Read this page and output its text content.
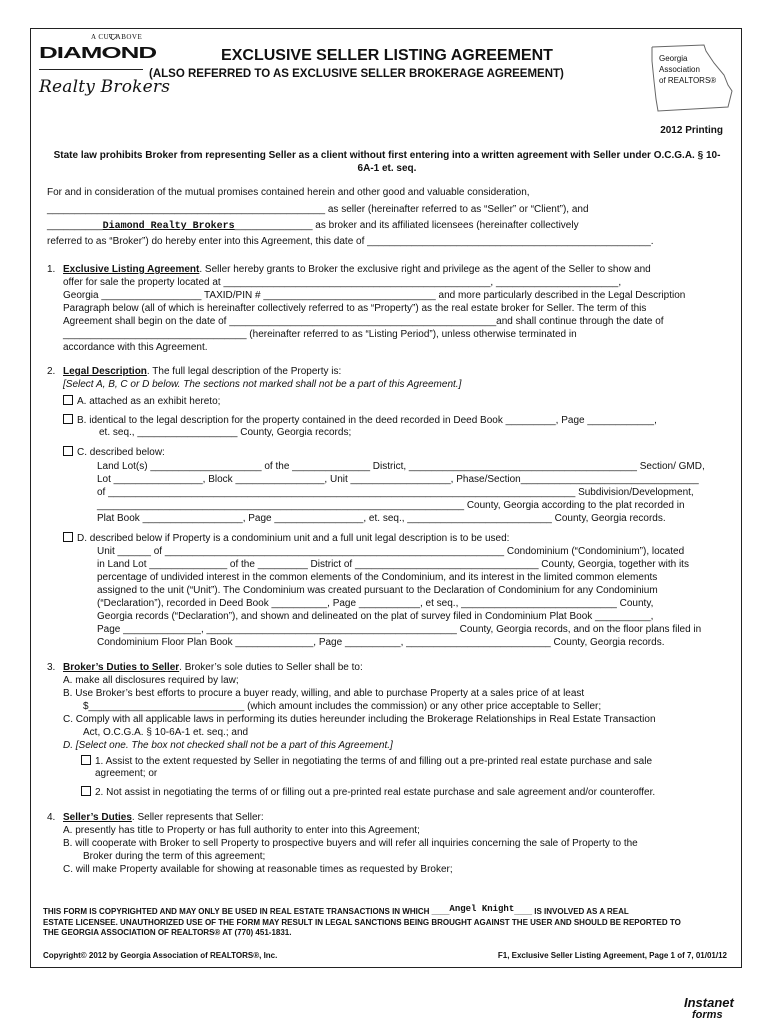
A CUT ABOVE
DIAMOND
Realty Brokers
EXCLUSIVE SELLER LISTING AGREEMENT
(ALSO REFERRED TO AS EXCLUSIVE SELLER BROKERAGE AGREEMENT)
Georgia
Association
of REALTORS®
2012 Printing
State law prohibits Broker from representing Seller as a client without first entering into a written agreement with Seller under O.C.G.A. § 10-6A-1 et. seq.
For and in consideration of the mutual promises contained herein and other good and valuable consideration,
__________________________________________________ as seller (hereinafter referred to as “Seller” or “Client”), and
__________Diamond Realty Brokers______________ as broker and its affiliated licensees (hereinafter collectively
referred to as “Broker”) do hereby enter into this Agreement, this date of ___________________________________________________.
1. Exclusive Listing Agreement. Seller hereby grants to Broker the exclusive right and privilege as the agent of the Seller to show and
offer for sale the property located at ________________________________________________, ______________________,
Georgia __________________ TAXID/PIN # _______________________________ and more particularly described in the Legal Description
Paragraph below (all of which is hereinafter collectively referred to as “Property”) as the real estate broker for Seller. The term of this
Agreement shall begin on the date of ________________________________________________and shall continue through the date of
_________________________________ (hereinafter referred to as “Listing Period”), unless otherwise terminated in
accordance with this Agreement.
2. Legal Description. The full legal description of the Property is:
[Select A, B, C or D below. The sections not marked shall not be a part of this Agreement.]
A. attached as an exhibit hereto;
B. identical to the legal description for the property contained in the deed recorded in Deed Book _________, Page ____________,
et. seq., __________________ County, Georgia records;
C. described below:
Land Lot(s) ____________________ of the ______________ District, _________________________________________ Section/ GMD,
Lot ________________, Block ________________, Unit __________________, Phase/Section________________________________
of ____________________________________________________________________________________ Subdivision/Development,
__________________________________________________________________ County, Georgia according to the plat recorded in
Plat Book __________________, Page ________________, et. seq., __________________________ County, Georgia records.
D. described below if Property is a condominium unit and a full unit legal description is to be used:
Unit ______ of _____________________________________________________________ Condominium (“Condominium”), located
in Land Lot ______________ of the _________ District of _________________________________ County, Georgia, together with its
percentage of undivided interest in the common elements of the Condominium, and its interest in the limited common elements
assigned to the unit (“Unit”). The Condominium was created pursuant to the Declaration of Condominium for any Condominium
(“Declaration”), recorded in Deed Book __________, Page ___________, et seq., ____________________________ County,
Georgia records (“Declaration”), and shown and delineated on the plat of survey filed in Condominium Plat Book __________,
Page ______________, _____________________________________________ County, Georgia records, and on the floor plans filed in
Condominium Floor Plan Book ______________, Page __________, __________________________ County, Georgia records.
3. Broker’s Duties to Seller. Broker’s sole duties to Seller shall be to:
A. make all disclosures required by law;
B. Use Broker’s best efforts to procure a buyer ready, willing, and able to purchase Property at a sales price of at least
$____________________________ (which amount includes the commission) or any other price acceptable to Seller;
C. Comply with all applicable laws in performing its duties hereunder including the Brokerage Relationships in Real Estate Transaction
Act, O.C.G.A. § 10-6A-1 et. seq.; and
D. [Select one. The box not checked shall not be a part of this Agreement.]
1. Assist to the extent requested by Seller in negotiating the terms of and filling out a pre-printed real estate purchase and sale
agreement; or
2. Not assist in negotiating the terms of or filling out a pre-printed real estate purchase and sale agreement and/or counteroffer.
4. Seller’s Duties. Seller represents that Seller:
A. presently has title to Property or has full authority to enter into this Agreement;
B. will cooperate with Broker to sell Property to prospective buyers and will refer all inquiries concerning the sale of Property to the
Broker during the term of this agreement;
C. will make Property available for showing at reasonable times as requested by Broker;
THIS FORM IS COPYRIGHTED AND MAY ONLY BE USED IN REAL ESTATE TRANSACTIONS IN WHICH ____Angel Knight____ IS INVOLVED AS A REAL
ESTATE LICENSEE. UNAUTHORIZED USE OF THE FORM MAY RESULT IN LEGAL SANCTIONS BEING BROUGHT AGAINST THE USER AND SHOULD BE REPORTED TO
THE GEORGIA ASSOCIATION OF REALTORS® AT (770) 451-1831.
Copyright© 2012 by Georgia Association of REALTORS®, Inc.	F1, Exclusive Seller Listing Agreement, Page 1 of 7, 01/01/12
Instanet
forms
